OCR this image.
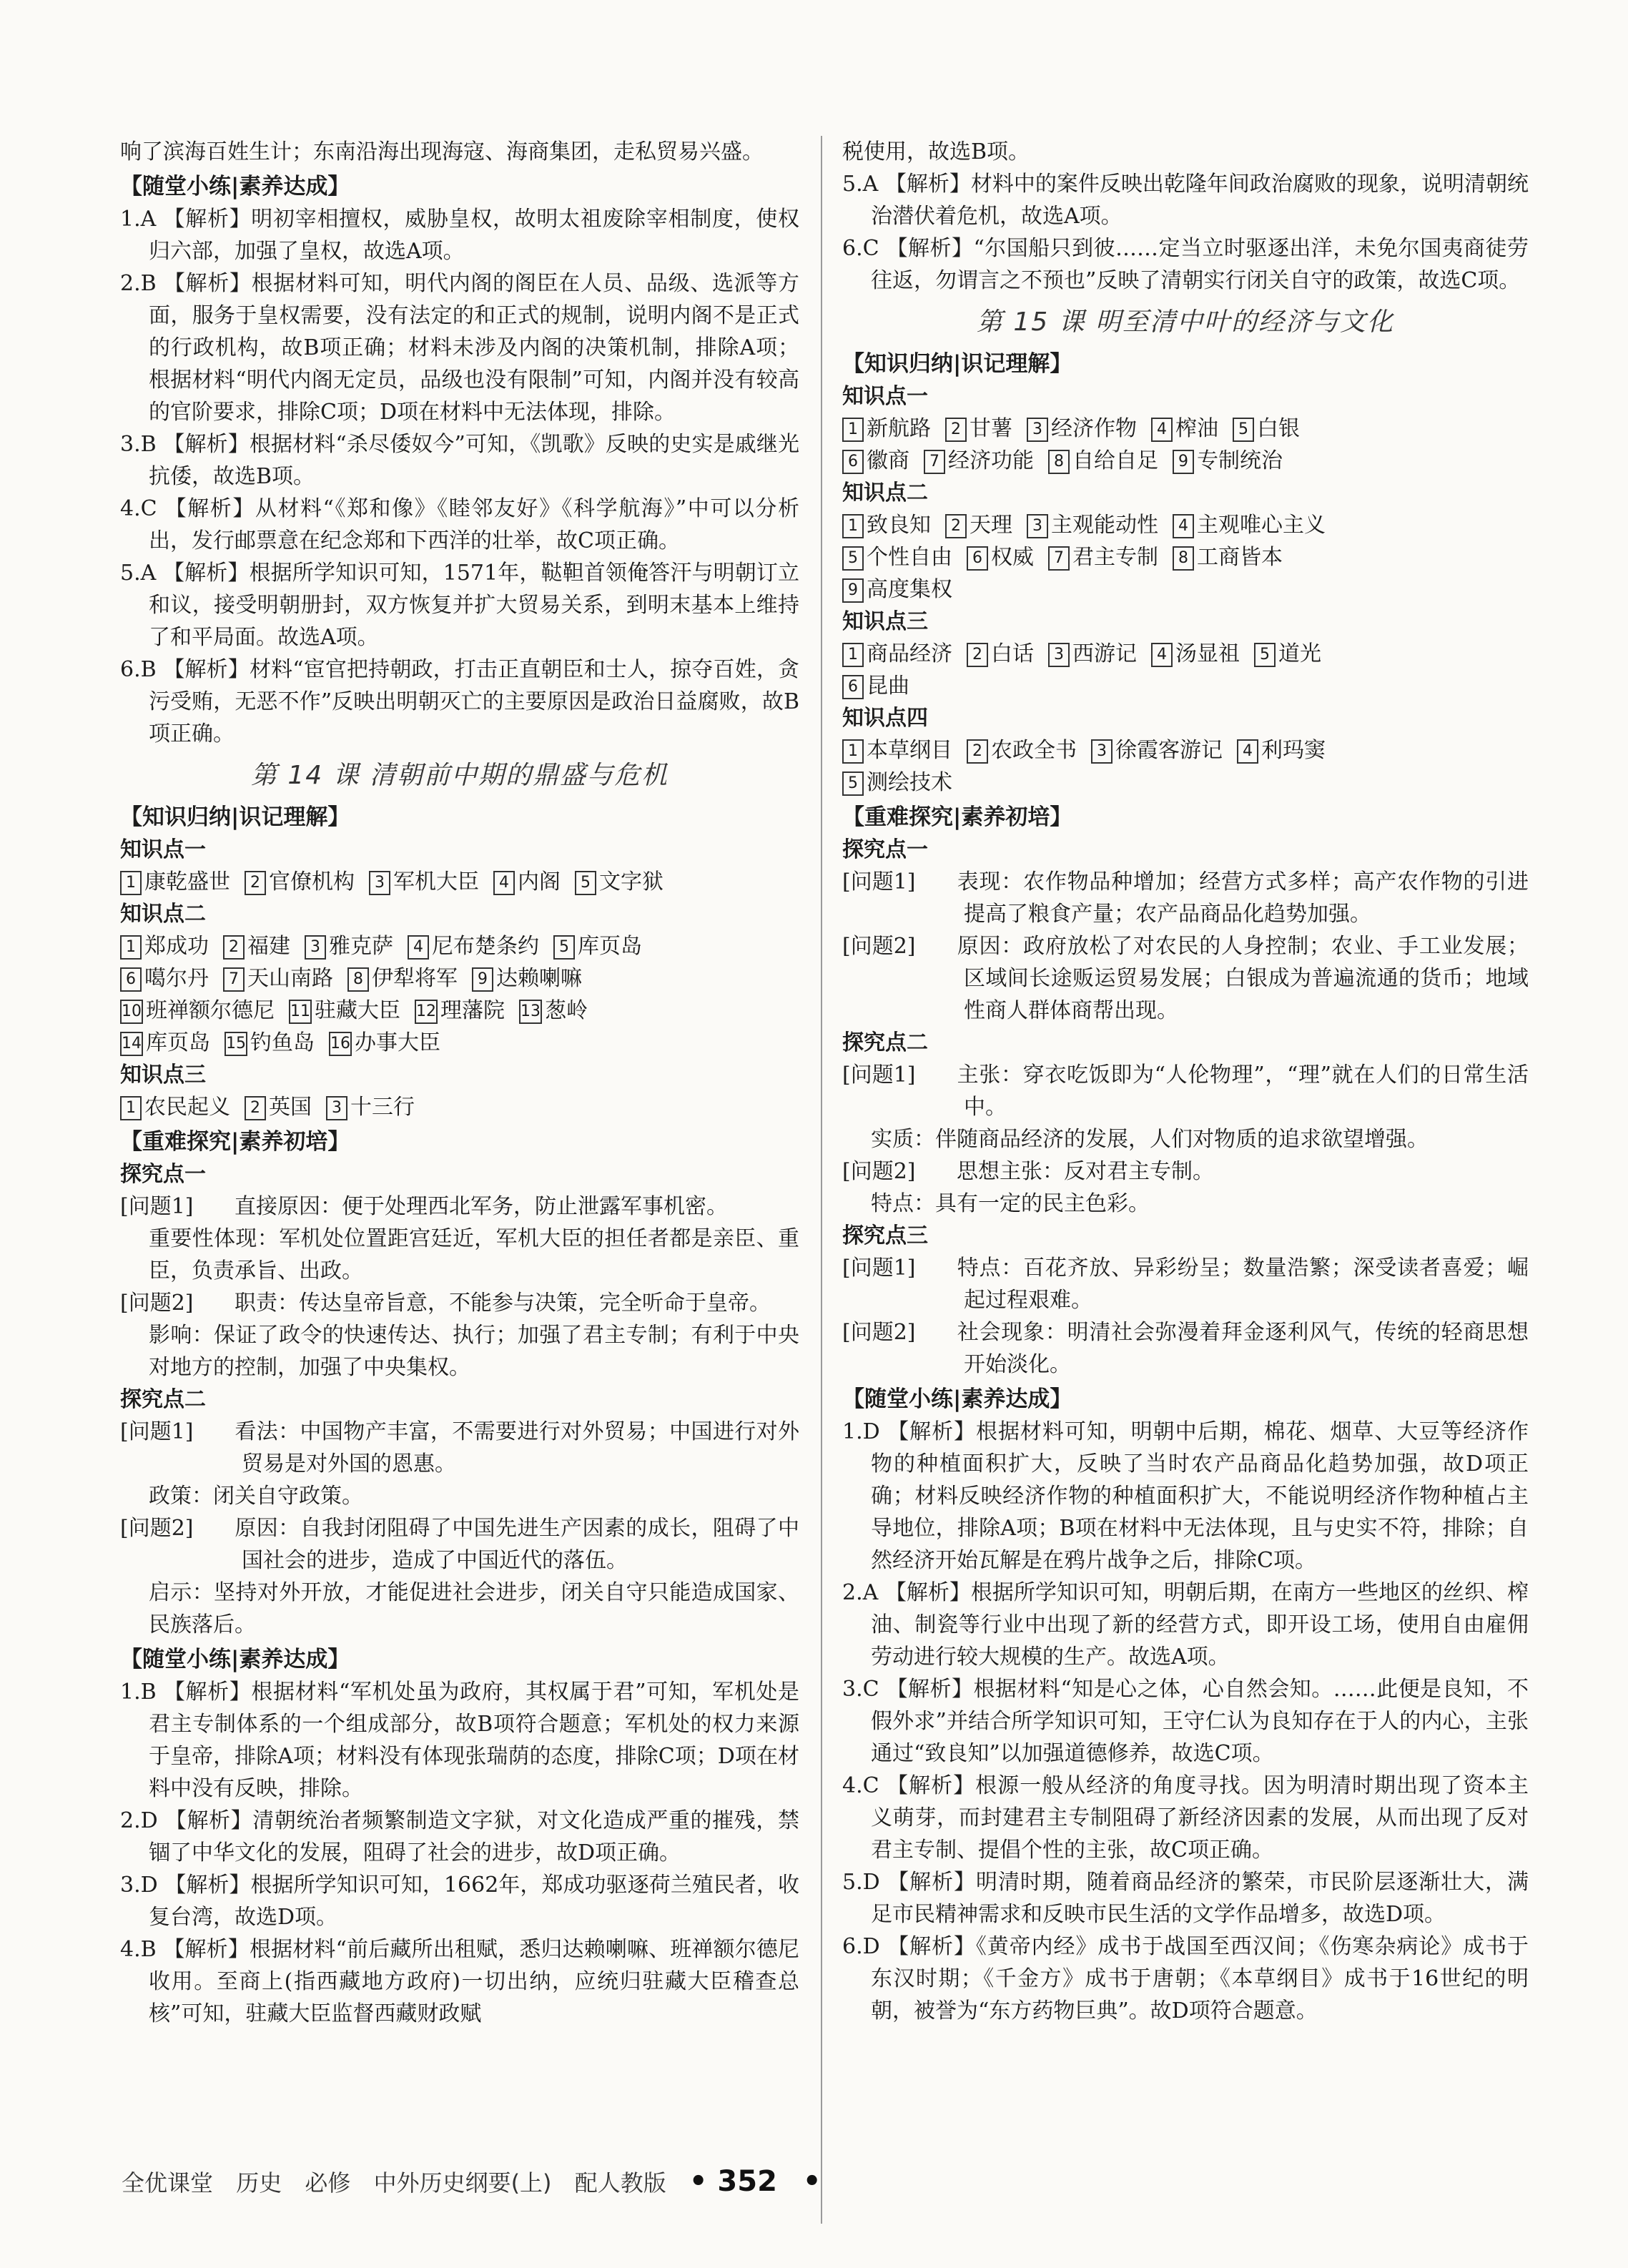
响了滨海百姓生计；东南沿海出现海寇、海商集团，走私贸易兴盛。

【随堂小练|素养达成】

1.A 【解析】明初宰相擅权，威胁皇权，故明太祖废除宰相制度，使权归六部，加强了皇权，故选A项。

2.B 【解析】根据材料可知，明代内阁的阁臣在人员、品级、选派等方面，服务于皇权需要，没有法定的和正式的规制，说明内阁不是正式的行政机构，故B项正确；材料未涉及内阁的决策机制，排除A项；根据材料“明代内阁无定员，品级也没有限制”可知，内阁并没有较高的官阶要求，排除C项；D项在材料中无法体现，排除。

3.B 【解析】根据材料“杀尽倭奴今”可知，《凯歌》反映的史实是戚继光抗倭，故选B项。

4.C 【解析】从材料“《郑和像》《睦邻友好》《科学航海》”中可以分析出，发行邮票意在纪念郑和下西洋的壮举，故C项正确。

5.A 【解析】根据所学知识可知，1571年，鞑靼首领俺答汗与明朝订立和议，接受明朝册封，双方恢复并扩大贸易关系，到明末基本上维持了和平局面。故选A项。

6.B 【解析】材料“宦官把持朝政，打击正直朝臣和士人，掠夺百姓，贪污受贿，无恶不作”反映出明朝灭亡的主要原因是政治日益腐败，故B项正确。

第 14 课 清朝前中期的鼎盛与危机

【知识归纳|识记理解】

知识点一

1 康乾盛世 2 官僚机构 3 军机大臣 4 内阁 5 文字狱

知识点二

1 郑成功 2 福建 3 雅克萨 4 尼布楚条约 5 库页岛

6 噶尔丹 7 天山南路 8 伊犁将军 9 达赖喇嘛

10 班禅额尔德尼 11 驻藏大臣 12 理藩院 13 葱岭

14 库页岛 15 钓鱼岛 16 办事大臣

知识点三

1 农民起义 2 英国 3 十三行

【重难探究|素养初培】

探究点一

[问题1] 直接原因：便于处理西北军务，防止泄露军事机密。

重要性体现：军机处位置距宫廷近，军机大臣的担任者都是亲臣、重臣，负责承旨、出政。

[问题2] 职责：传达皇帝旨意，不能参与决策，完全听命于皇帝。

影响：保证了政令的快速传达、执行；加强了君主专制；有利于中央对地方的控制，加强了中央集权。

探究点二

[问题1] 看法：中国物产丰富，不需要进行对外贸易；中国进行对外贸易是对外国的恩惠。

政策：闭关自守政策。

[问题2] 原因：自我封闭阻碍了中国先进生产因素的成长，阻碍了中国社会的进步，造成了中国近代的落伍。

启示：坚持对外开放，才能促进社会进步，闭关自守只能造成国家、民族落后。

【随堂小练|素养达成】

1.B 【解析】根据材料“军机处虽为政府，其权属于君”可知，军机处是君主专制体系的一个组成部分，故B项符合题意；军机处的权力来源于皇帝，排除A项；材料没有体现张瑞荫的态度，排除C项；D项在材料中没有反映，排除。

2.D 【解析】清朝统治者频繁制造文字狱，对文化造成严重的摧残，禁锢了中华文化的发展，阻碍了社会的进步，故D项正确。

3.D 【解析】根据所学知识可知，1662年，郑成功驱逐荷兰殖民者，收复台湾，故选D项。

4.B 【解析】根据材料“前后藏所出租赋，悉归达赖喇嘛、班禅额尔德尼收用。至商上(指西藏地方政府)一切出纳，应统归驻藏大臣稽查总核”可知，驻藏大臣监督西藏财政赋

税使用，故选B项。

5.A 【解析】材料中的案件反映出乾隆年间政治腐败的现象，说明清朝统治潜伏着危机，故选A项。

6.C 【解析】“尔国船只到彼……定当立时驱逐出洋，未免尔国夷商徒劳往返，勿谓言之不预也”反映了清朝实行闭关自守的政策，故选C项。

第 15 课 明至清中叶的经济与文化

【知识归纳|识记理解】

知识点一

1 新航路 2 甘薯 3 经济作物 4 榨油 5 白银

6 徽商 7 经济功能 8 自给自足 9 专制统治

知识点二

1 致良知 2 天理 3 主观能动性 4 主观唯心主义

5 个性自由 6 权威 7 君主专制 8 工商皆本

9 高度集权

知识点三

1 商品经济 2 白话 3 西游记 4 汤显祖 5 道光

6 昆曲

知识点四

1 本草纲目 2 农政全书 3 徐霞客游记 4 利玛窦

5 测绘技术

【重难探究|素养初培】

探究点一

[问题1] 表现：农作物品种增加；经营方式多样；高产农作物的引进提高了粮食产量；农产品商品化趋势加强。

[问题2] 原因：政府放松了对农民的人身控制；农业、手工业发展；区域间长途贩运贸易发展；白银成为普遍流通的货币；地域性商人群体商帮出现。

探究点二

[问题1] 主张：穿衣吃饭即为“人伦物理”，“理”就在人们的日常生活中。

实质：伴随商品经济的发展，人们对物质的追求欲望增强。

[问题2] 思想主张：反对君主专制。

特点：具有一定的民主色彩。

探究点三

[问题1] 特点：百花齐放、异彩纷呈；数量浩繁；深受读者喜爱；崛起过程艰难。

[问题2] 社会现象：明清社会弥漫着拜金逐利风气，传统的轻商思想开始淡化。

【随堂小练|素养达成】

1.D 【解析】根据材料可知，明朝中后期，棉花、烟草、大豆等经济作物的种植面积扩大，反映了当时农产品商品化趋势加强，故D项正确；材料反映经济作物的种植面积扩大，不能说明经济作物种植占主导地位，排除A项；B项在材料中无法体现，且与史实不符，排除；自然经济开始瓦解是在鸦片战争之后，排除C项。

2.A 【解析】根据所学知识可知，明朝后期，在南方一些地区的丝织、榨油、制瓷等行业中出现了新的经营方式，即开设工场，使用自由雇佣劳动进行较大规模的生产。故选A项。

3.C 【解析】根据材料“知是心之体，心自然会知。……此便是良知，不假外求”并结合所学知识可知，王守仁认为良知存在于人的内心，主张通过“致良知”以加强道德修养，故选C项。

4.C 【解析】根源一般从经济的角度寻找。因为明清时期出现了资本主义萌芽，而封建君主专制阻碍了新经济因素的发展，从而出现了反对君主专制、提倡个性的主张，故C项正确。

5.D 【解析】明清时期，随着商品经济的繁荣，市民阶层逐渐壮大，满足市民精神需求和反映市民生活的文学作品增多，故选D项。

6.D 【解析】《黄帝内经》成书于战国至西汉间；《伤寒杂病论》成书于东汉时期；《千金方》成书于唐朝；《本草纲目》成书于16世纪的明朝，被誉为“东方药物巨典”。故D项符合题意。

全优课堂 历史 必修 中外历史纲要(上) 配人教版 • 352 •
